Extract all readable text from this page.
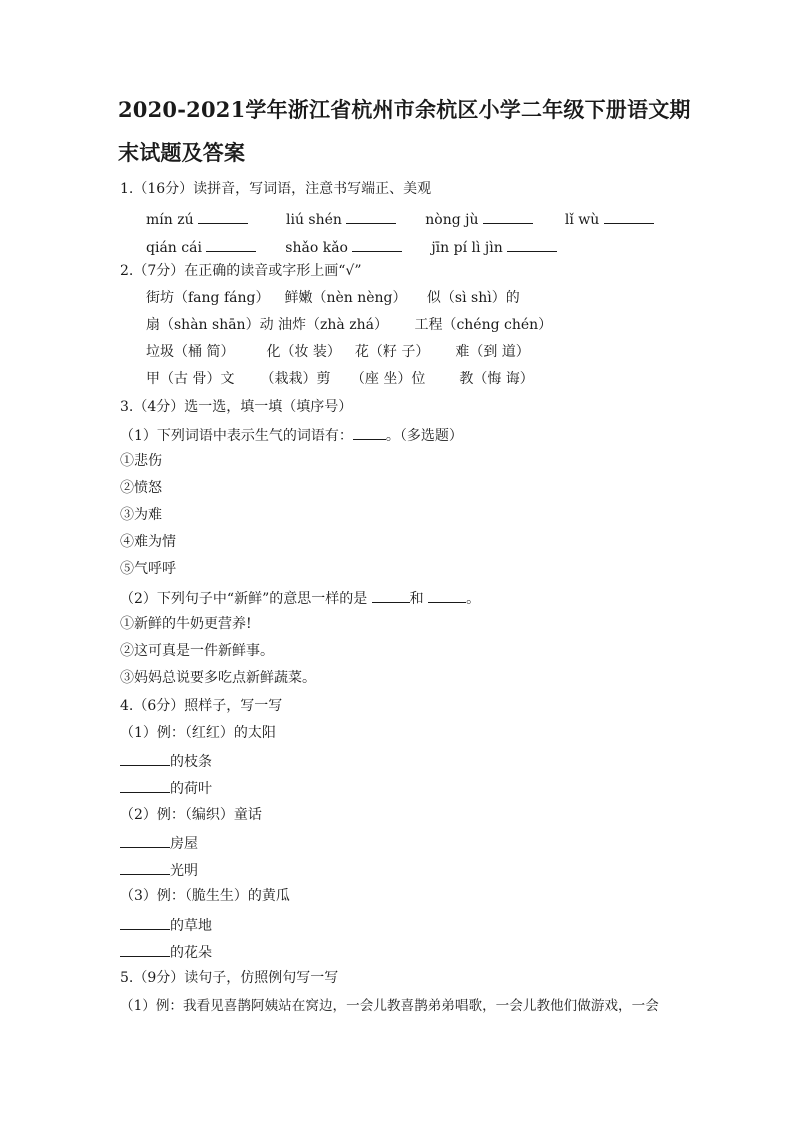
2020-2021学年浙江省杭州市余杭区小学二年级下册语文期
末试题及答案
1.（16分）读拼音，写词语，注意书写端正、美观
mín zú	liú shén	nòng jù	lǐ wù
qián cái	shǎo kǎo	jīn pí lì jìn
2.（7分）在正确的读音或字形上画“√”
街坊（fang fáng） 鲜嫩（nèn nèng） 似（sì shì）的
扇（shàn shān）动 油炸（zhà zhá） 工程（chéng chén）
垃圾（桶 简） 化（妆 装） 花（籽 子） 难（到 道）
甲（古 骨）文 （栽栽）剪 （座 坐）位 教（悔 诲）
3.（4分）选一选，填一填（填序号）
（1）下列词语中表示生气的词语有： 。（多选题）
①悲伤
②愤怒
③为难
④难为情
⑤气呼呼
（2）下列句子中“新鲜”的意思一样的是	和	。
①新鲜的牛奶更营养!
②这可真是一件新鲜事。
③妈妈总说要多吃点新鲜蔬菜。
4.（6分）照样子，写一写
（1）例：（红红）的太阳
的枝条
的荷叶
（2）例：（编织）童话
房屋
光明
（3）例：（脆生生）的黄瓜
的草地
的花朵
5.（9分）读句子，仿照例句写一写
（1）例：我看见喜鹊阿姨站在窝边，一会儿教喜鹊弟弟唱歌，一会儿教他们做游戏，一会
